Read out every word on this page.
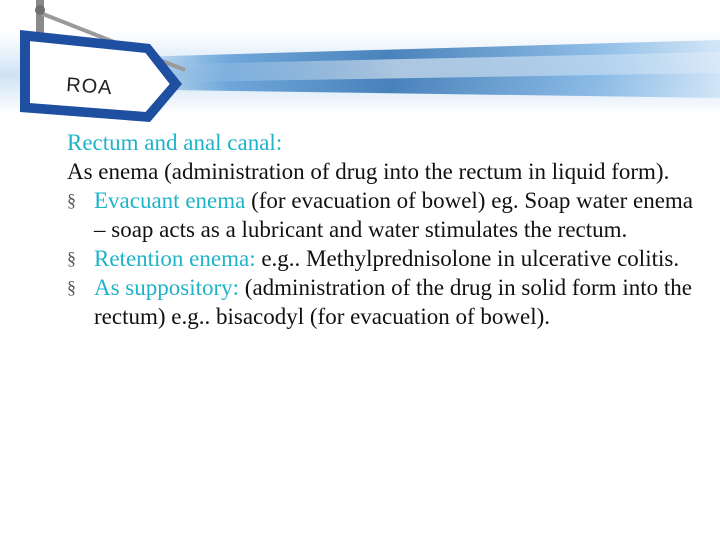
ROA

Rectum and anal canal:

As enema (administration of drug into the rectum in liquid form).

§ Evacuant enema (for evacuation of bowel) eg. Soap water enema – soap acts as a lubricant and water stimulates the rectum.

§ Retention enema: e.g.. Methylprednisolone in ulcerative colitis.

§ As suppository: (administration of the drug in solid form into the rectum) e.g.. bisacodyl (for evacuation of bowel).
